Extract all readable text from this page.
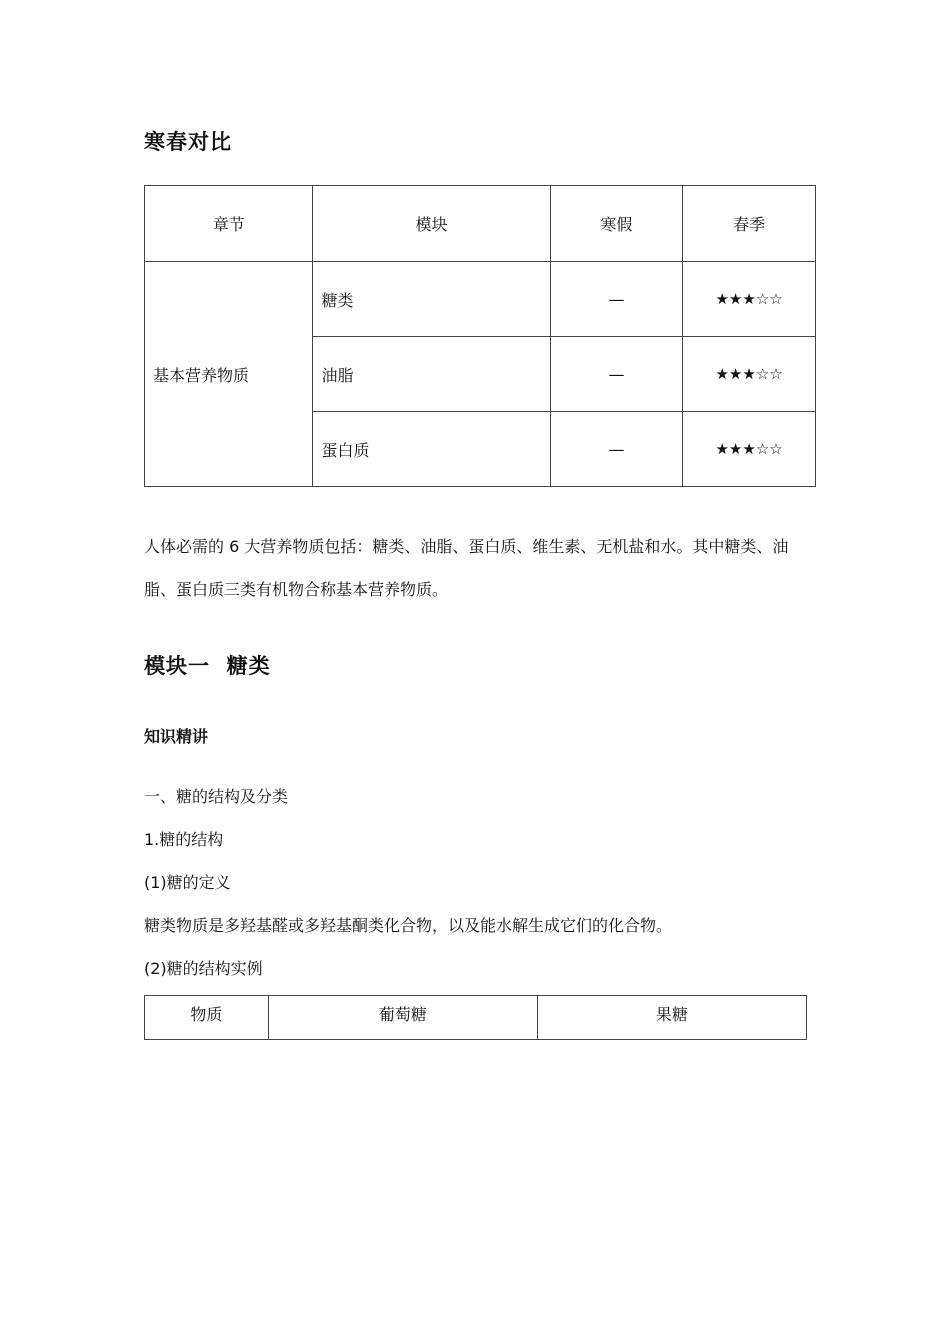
寒春对比
章节	模块	寒假	春季
基本营养物质	糖类	—	★★★☆☆
	油脂	—	★★★☆☆
	蛋白质	—	★★★☆☆
人体必需的 6 大营养物质包括：糖类、油脂、蛋白质、维生素、无机盐和水。其中糖类、油脂、蛋白质三类有机物合称基本营养物质。
模块一  糖类
知识精讲
一、糖的结构及分类
1.糖的结构
(1)糖的定义
糖类物质是多羟基醛或多羟基酮类化合物，以及能水解生成它们的化合物。
(2)糖的结构实例
物质	葡萄糖	果糖
